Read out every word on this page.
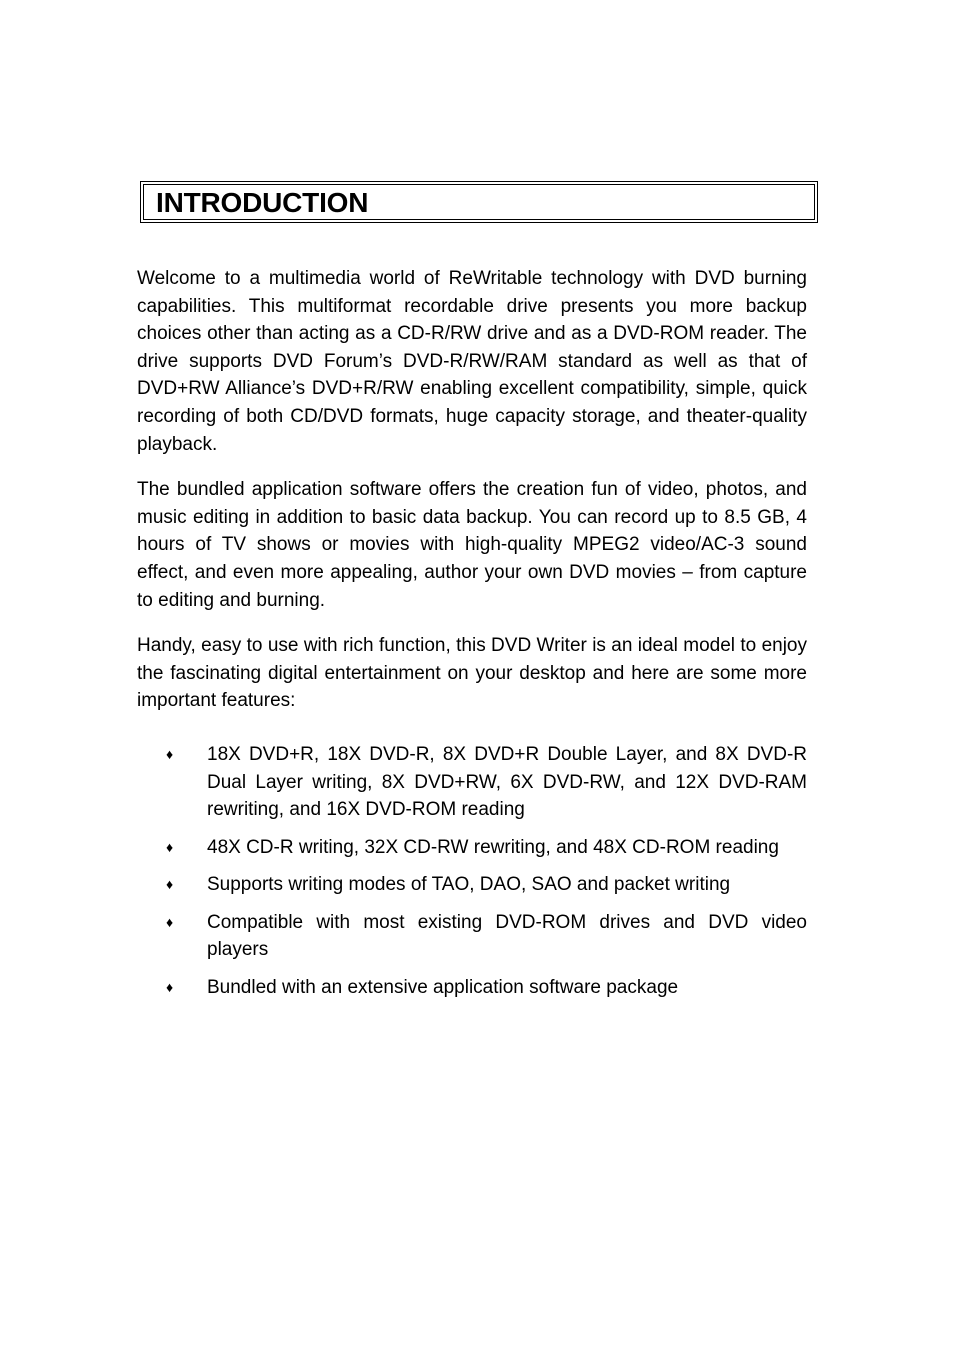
INTRODUCTION

Welcome to a multimedia world of ReWritable technology with DVD burning capabilities. This multiformat recordable drive presents you more backup choices other than acting as a CD-R/RW drive and as a DVD-ROM reader. The drive supports DVD Forum’s DVD-R/RW/RAM standard as well as that of DVD+RW Alliance’s DVD+R/RW enabling excellent compatibility, simple, quick recording of both CD/DVD formats, huge capacity storage, and theater-quality playback.

The bundled application software offers the creation fun of video, photos, and music editing in addition to basic data backup. You can record up to 8.5 GB, 4 hours of TV shows or movies with high-quality MPEG2 video/AC-3 sound effect, and even more appealing, author your own DVD movies – from capture to editing and burning.

Handy, easy to use with rich function, this DVD Writer is an ideal model to enjoy the fascinating digital entertainment on your desktop and here are some more important features:

♦ 18X DVD+R, 18X DVD-R, 8X DVD+R Double Layer, and 8X DVD-R Dual Layer writing, 8X DVD+RW, 6X DVD-RW, and 12X DVD-RAM rewriting, and 16X DVD-ROM reading
♦ 48X CD-R writing, 32X CD-RW rewriting, and 48X CD-ROM reading
♦ Supports writing modes of TAO, DAO, SAO and packet writing
♦ Compatible with most existing DVD-ROM drives and DVD video players
♦ Bundled with an extensive application software package
